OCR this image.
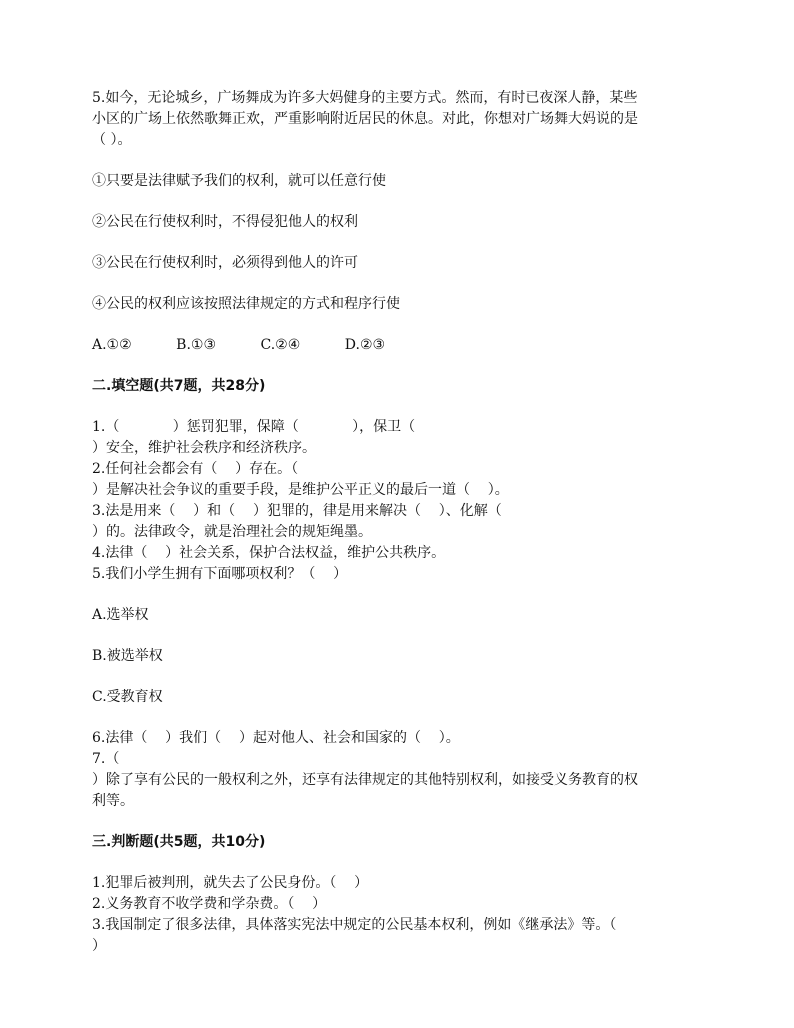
5.如今，无论城乡，广场舞成为许多大妈健身的主要方式。然而，有时已夜深人静，某些
小区的广场上依然歌舞正欢，严重影响附近居民的休息。对此，你想对广场舞大妈说的是
（ ）。
①只要是法律赋予我们的权利，就可以任意行使
②公民在行使权利时，不得侵犯他人的权利
③公民在行使权利时，必须得到他人的许可
④公民的权利应该按照法律规定的方式和程序行使
A.①②          B.①③          C.②④          D.②③
二.填空题(共7题，共28分)
1.（            ）惩罚犯罪，保障（            ），保卫（
）安全，维护社会秩序和经济秩序。
2.任何社会都会有（    ）存在。（
）是解决社会争议的重要手段，是维护公平正义的最后一道（    ）。
3.法是用来（    ）和（    ）犯罪的，律是用来解决（    ）、化解（
）的。法律政令，就是治理社会的规矩绳墨。
4.法律（    ）社会关系，保护合法权益，维护公共秩序。
5.我们小学生拥有下面哪项权利？（    ）
A.选举权
B.被选举权
C.受教育权
6.法律（    ）我们（    ）起对他人、社会和国家的（    ）。
7.（
）除了享有公民的一般权利之外，还享有法律规定的其他特别权利，如接受义务教育的权
利等。
三.判断题(共5题，共10分)
1.犯罪后被判刑，就失去了公民身份。（    ）
2.义务教育不收学费和学杂费。（    ）
3.我国制定了很多法律，具体落实宪法中规定的公民基本权利，例如《继承法》等。（
）
